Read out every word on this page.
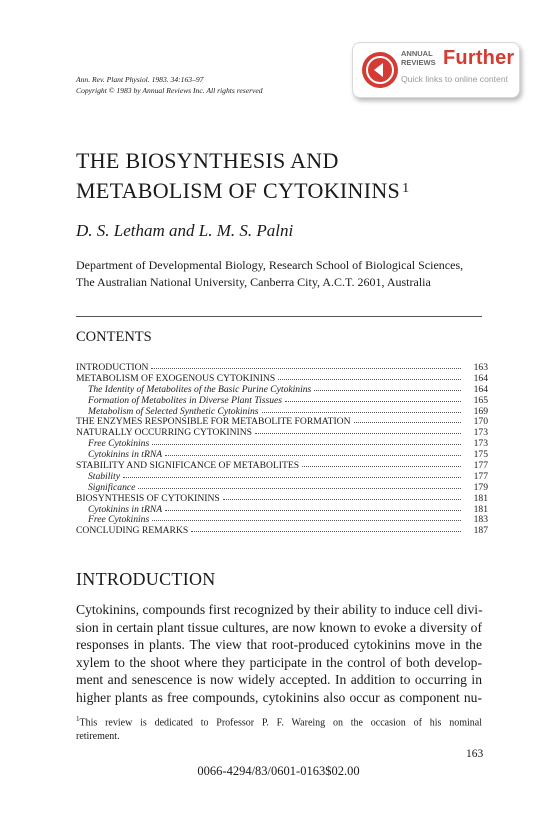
Ann. Rev. Plant Physiol. 1983. 34:163–97
Copyright © 1983 by Annual Reviews Inc. All rights reserved
ANNUAL
REVIEWS Further
Quick links to online content
THE BIOSYNTHESIS AND
METABOLISM OF CYTOKININS $^1$
D. S. Letham and L. M. S. Palni
Department of Developmental Biology, Research School of Biological Sciences,
The Australian National University, Canberra City, A.C.T. 2601, Australia
CONTENTS
INTRODUCTION	163
METABOLISM OF EXOGENOUS CYTOKININS	164
The Identity of Metabolites of the Basic Purine Cytokinins	164
Formation of Metabolites in Diverse Plant Tissues	165
Metabolism of Selected Synthetic Cytokinins	169
THE ENZYMES RESPONSIBLE FOR METABOLITE FORMATION	170
NATURALLY OCCURRING CYTOKININS	173
Free Cytokinins	173
Cytokinins in tRNA	175
STABILITY AND SIGNIFICANCE OF METABOLITES	177
Stability	177
Significance	179
BIOSYNTHESIS OF CYTOKININS	181
Cytokinins in tRNA	181
Free Cytokinins	183
CONCLUDING REMARKS	187
INTRODUCTION
Cytokinins, compounds first recognized by their ability to induce cell divi-
sion in certain plant tissue cultures, are now known to evoke a diversity of
responses in plants. The view that root-produced cytokinins move in the
xylem to the shoot where they participate in the control of both develop-
ment and senescence is now widely accepted. In addition to occurring in
higher plants as free compounds, cytokinins also occur as component nu-
$^1$This review is dedicated to Professor P. F. Wareing on the occasion of his nominal
retirement.
163
0066-4294/83/0601-0163$02.00
